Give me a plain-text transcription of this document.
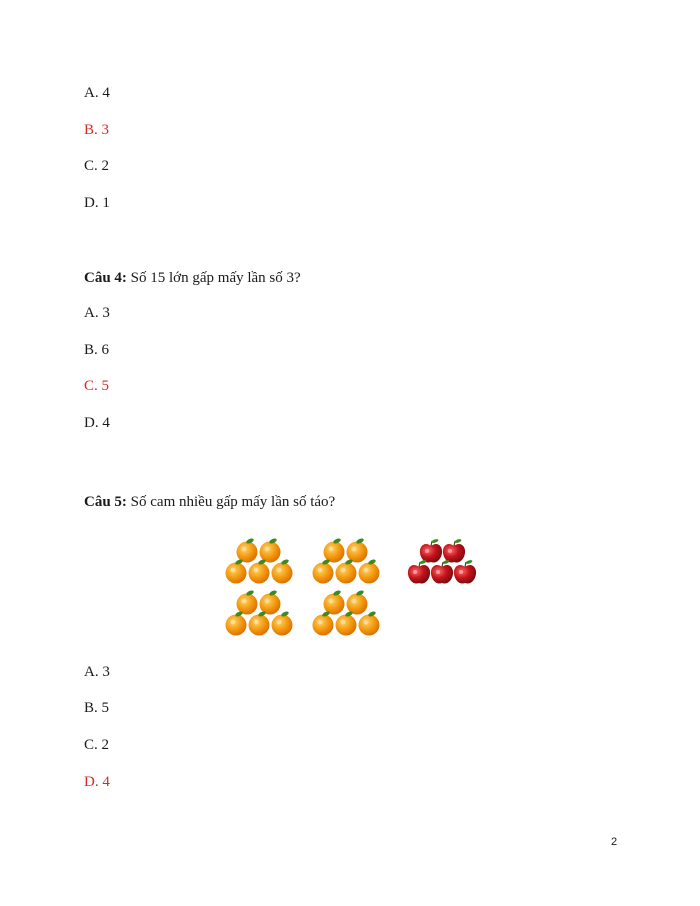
A. 4
B. 3
C. 2
D. 1
Câu 4: Số 15 lớn gấp mấy lần số 3?
A. 3
B. 6
C. 5
D. 4
Câu 5: Số cam nhiều gấp mấy lần số táo?
A. 3
B. 5
C. 2
D. 4
2
